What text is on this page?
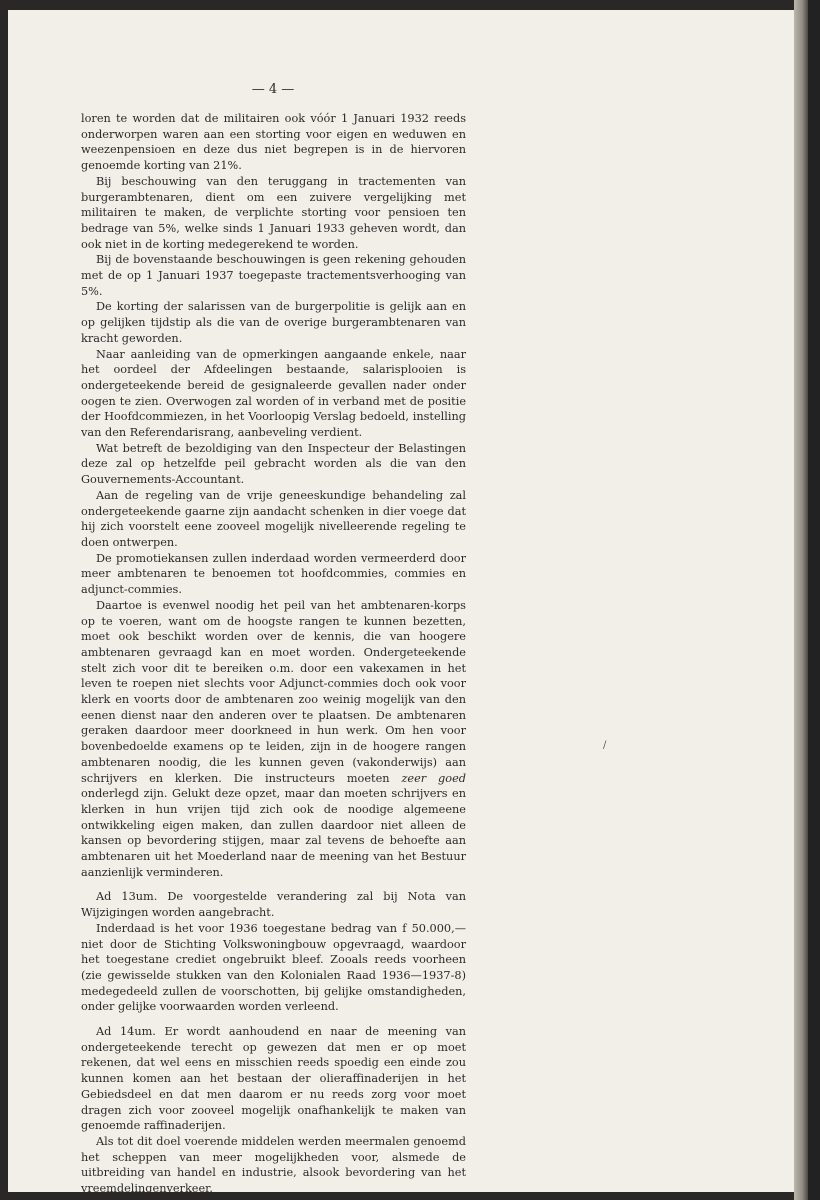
— 4 —

loren te worden dat de militairen ook vóór 1 Januari 1932 reeds onderworpen waren aan een storting voor eigen en weduwen en weezenpensioen en deze dus niet begrepen is in de hiervoren genoemde korting van 21%.

Bij beschouwing van den teruggang in tractementen van burgerambtenaren, dient om een zuivere vergelijking met militairen te maken, de verplichte storting voor pensioen ten bedrage van 5%, welke sinds 1 Januari 1933 geheven wordt, dan ook niet in de korting medegerekend te worden.

Bij de bovenstaande beschouwingen is geen rekening gehouden met de op 1 Januari 1937 toegepaste tractementsverhooging van 5%.

De korting der salarissen van de burgerpolitie is gelijk aan en op gelijken tijdstip als die van de overige burgerambtenaren van kracht geworden.

Naar aanleiding van de opmerkingen aangaande enkele, naar het oordeel der Afdeelingen bestaande, salarisplooien is ondergeteekende bereid de gesignaleerde gevallen nader onder oogen te zien. Overwogen zal worden of in verband met de positie der Hoofdcommiezen, in het Voorloopig Verslag bedoeld, instelling van den Referendarisrang, aanbeveling verdient.

Wat betreft de bezoldiging van den Inspecteur der Belastingen deze zal op hetzelfde peil gebracht worden als die van den Gouvernements-Accountant.

Aan de regeling van de vrije geneeskundige behandeling zal ondergeteekende gaarne zijn aandacht schenken in dier voege dat hij zich voorstelt eene zooveel mogelijk nivelleerende regeling te doen ontwerpen.

De promotiekansen zullen inderdaad worden vermeerderd door meer ambtenaren te benoemen tot hoofdcommies, commies en adjunct-commies.

Daartoe is evenwel noodig het peil van het ambtenaren-korps op te voeren, want om de hoogste rangen te kunnen bezetten, moet ook beschikt worden over de kennis, die van hoogere ambtenaren gevraagd kan en moet worden. Ondergeteekende stelt zich voor dit te bereiken o.m. door een vakexamen in het leven te roepen niet slechts voor Adjunct-commies doch ook voor klerk en voorts door de ambtenaren zoo weinig mogelijk van den eenen dienst naar den anderen over te plaatsen. De ambtenaren geraken daardoor meer doorkneed in hun werk. Om hen voor bovenbedoelde examens op te leiden, zijn in de hoogere rangen ambtenaren noodig, die les kunnen geven (vakonderwijs) aan schrijvers en klerken. Die instructeurs moeten zeer goed onderlegd zijn. Gelukt deze opzet, maar dan moeten schrijvers en klerken in hun vrijen tijd zich ook de noodige algemeene ontwikkeling eigen maken, dan zullen daardoor niet alleen de kansen op bevordering stijgen, maar zal tevens de behoefte aan ambtenaren uit het Moederland naar de meening van het Bestuur aanzienlijk verminderen.

Ad 13um. De voorgestelde verandering zal bij Nota van Wijzigingen worden aangebracht.

Inderdaad is het voor 1936 toegestane bedrag van f 50.000,— niet door de Stichting Volkswoningbouw opgevraagd, waardoor het toegestane crediet ongebruikt bleef. Zooals reeds voorheen (zie gewisselde stukken van den Kolonialen Raad 1936—1937-8) medegedeeld zullen de voorschotten, bij gelijke omstandigheden, onder gelijke voorwaarden worden verleend.

Ad 14um. Er wordt aanhoudend en naar de meening van ondergeteekende terecht op gewezen dat men er op moet rekenen, dat wel eens en misschien reeds spoedig een einde zou kunnen komen aan het bestaan der olieraffinaderijen in het Gebiedsdeel en dat men daarom er nu reeds zorg voor moet dragen zich voor zooveel mogelijk onafhankelijk te maken van genoemde raffinaderijen.

Als tot dit doel voerende middelen werden meermalen genoemd het scheppen van meer mogelijkheden voor, alsmede de uitbreiding van handel en industrie, alsook bevordering van het vreemdelingenverkeer.

/
